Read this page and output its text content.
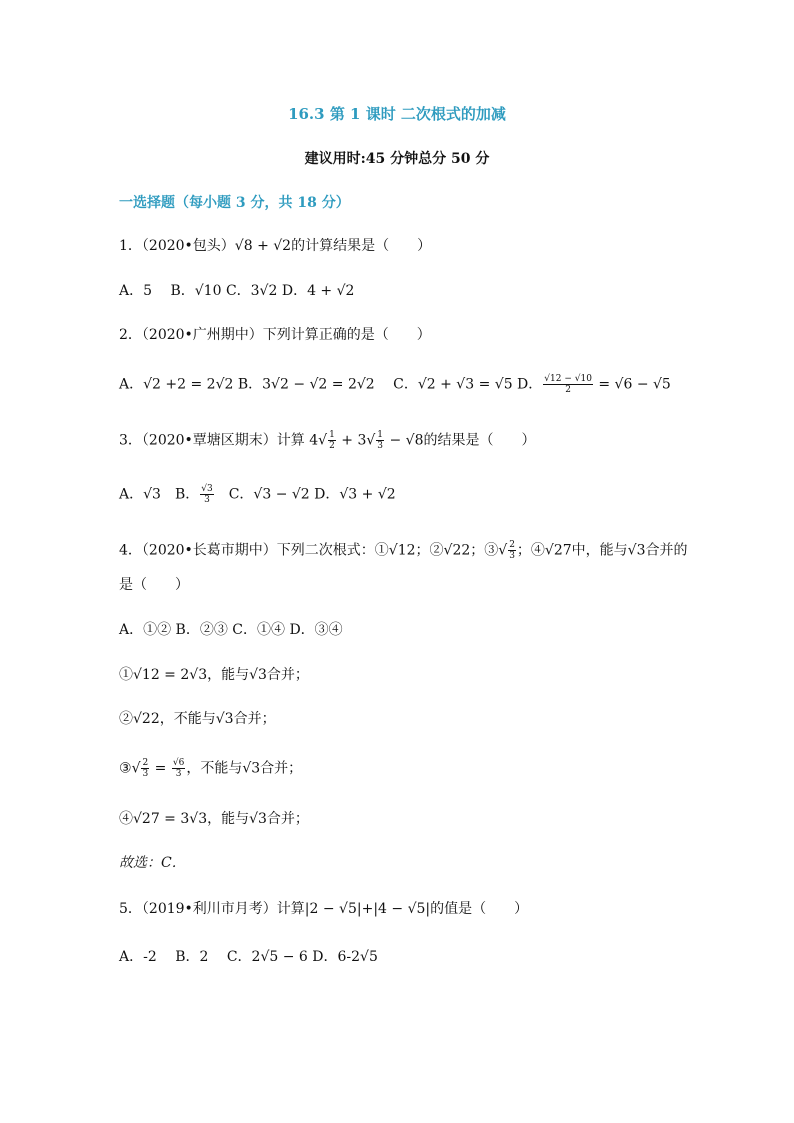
16.3 第 1 课时 二次根式的加减
建议用时:45 分钟总分 50 分
一选择题（每小题 3 分，共 18 分）
1．（2020•包头）√8 + √2的计算结果是（　　）
A．5　 B．√10 C．3√2 D．4 + √2
2．（2020•广州期中）下列计算正确的是（　　）
A．√2 +2 = 2√2 B．3√2 − √2 = 2√2　 C．√2 + √3 = √5 D． $\frac{√12 - √10}{2} = √6 - √5$
3．（2020•覃塘区期末）计算 $4√ \frac{1}{2} + 3√ \frac{1}{3} - √8$的结果是（　　）
A．√3　B． $\frac{√3}{3}$ 　C．√3 − √2 D．√3 + √2
4．（2020•长葛市期中）下列二次根式：①√12；②√22；③√ $\frac{2}{3}$ ；④√27中，能与√3合并的
是（　　）
A．①② B．②③ C．①④ D．③④
①√12 = 2√3，能与√3合并；
②√22，不能与√3合并；
③√ $\frac{2}{3} = \frac{√6}{3}$ ，不能与√3合并；
④√27 = 3√3，能与√3合并；
故选：C．
5．（2019•利川市月考）计算|2 − √5|+|4 − √5|的值是（　　）
A．-2　 B．2　 C．2√5 − 6 D．6-2√5
